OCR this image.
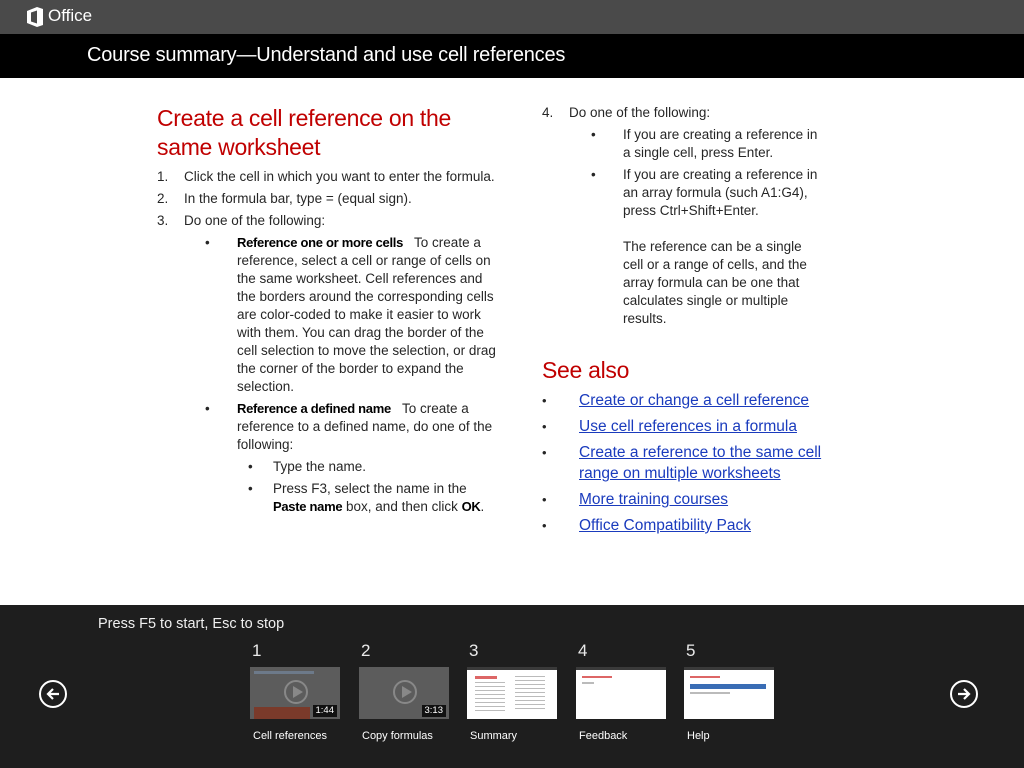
Office
Course summary—Understand and use cell references
Create a cell reference on the same worksheet
1. Click the cell in which you want to enter the formula.
2. In the formula bar, type = (equal sign).
3. Do one of the following:
• Reference one or more cells To create a reference, select a cell or range of cells on the same worksheet. Cell references and the borders around the corresponding cells are color-coded to make it easier to work with them. You can drag the border of the cell selection to move the selection, or drag the corner of the border to expand the selection.
• Reference a defined name To create a reference to a defined name, do one of the following:
• Type the name.
• Press F3, select the name in the Paste name box, and then click OK.
4. Do one of the following:
• If you are creating a reference in a single cell, press Enter.
• If you are creating a reference in an array formula (such A1:G4), press Ctrl+Shift+Enter.
The reference can be a single cell or a range of cells, and the array formula can be one that calculates single or multiple results.
See also
• Create or change a cell reference
• Use cell references in a formula
• Create a reference to the same cell range on multiple worksheets
• More training courses
• Office Compatibility Pack
Press F5 to start, Esc to stop
1
1:44
Cell references
2
3:13
Copy formulas
3
Summary
4
Feedback
5
Help
